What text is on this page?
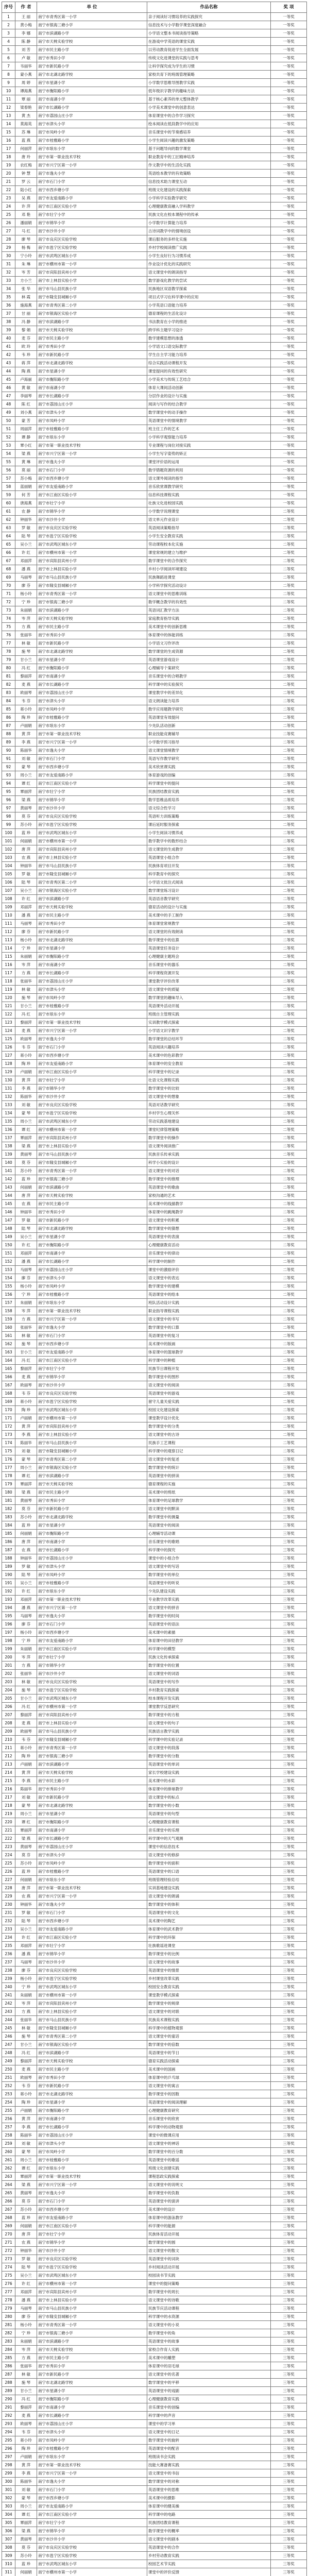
序号	作 者	单 位	作品名称	奖 项
1	王 丽	南宁市青秀区第一小学	亲子阅读好习惯培养的实践探究	一等奖
2	黄小梅	南宁市银海三塘小学	信息技术与小学数学课堂深度融合	一等奖
3	李 娜	南宁市滨湖路小学	小学语文整本书阅读指导策略	一等奖
4	陈 静	南宁市天桃实验学校	在游戏中学英语的课堂实践	一等奖
5	刘 芳	南宁市民主路小学	以劳动教育促进学生全面发展	一等奖
6	卢 敏	南宁市秀田小学	传统文化进课堂的实践与思考	一等奖
7	韦丽华	南宁市新民路小学	让科学探究成为学生的习惯	一等奖
8	蒙小燕	南宁市北湖北路学校	家校共育下的班级管理策略	一等奖
9	周 婷	南宁市星湖小学	小学数学思维导图教学实践	一等奖
10	谭海燕	南宁市衡阳路小学	低年级识字教学的趣味方法	一等奖
11	覃 丽	南宁市南湖小学	基于核心素养的单元整体教学	一等奖
12	梁春艳	南宁市长湖路小学	小学美术课堂中的创意表达	一等奖
13	黄 杰	南宁市荔园山庄小学	体育课堂中的合作学习探究	一等奖
14	莫海英	南宁市津头小学	绘本阅读在低段教学中的应用	一等奖
15	苏 琳	南宁市凤岭小学	音乐课堂中的节奏感培养	一等奖
16	蓝 燕	南宁市桂雅路小学	小学生阅读兴趣的激发策略	一等奖
17	何丽萍	南宁市埌东小学	基于问题导向的数学课堂	一等奖
18	唐 玲	南宁市第一职业技术学校	职业教育中的工匠精神培养	一等奖
19	农红梅	南宁市兴宁区第一小学	作文教学中的生活化实践	一等奖
20	钟 慧	南宁市逸夫小学	英语绘本教学的有效策略	一等奖
21	罗 云	南宁市石门小学	信息技术助力课堂互动	一等奖
22	陆小红	南宁市西乡塘小学	班级文化建设的实践探索	一等奖
23	吴 燕	南宁市友爱南路小学	小学科学实验教学研究	一等奖
24	许 萍	南宁市江南区实验小学	心理健康教育融入学科教学	一等奖
25	邓 艳	南宁市壮宁小学	民族文化在校本课程中的传承	一等奖
26	潘丽娟	南宁市锦华小学	小学数学计算能力培养	一等奖
27	马 红	南宁市沙井小学	古诗词教学中的情境创设	一等奖
28	廖 琴	南宁市良庆区实验学校	课后服务的多样化实施	一等奖
29	杨 梅	南宁市邕宁区实验学校	乡村学校阅读推广实践	一等奖
30	宁小玲	南宁市武鸣区城东小学	小学生良好行为习惯养成	一等奖
31	朱 琳	南宁市横州市第一小学	作业设计优化的实践研究	一等奖
32	岑 芳	南宁市宾阳县宾州小学	语文课堂中的朗读指导	一等奖
33	方小兰	南宁市上林县实验小学	数学游戏化教学的尝试	一等奖
34	张 华	南宁市马山县民族小学	民族地区双语教学探索	一等奖
35	林 霞	南宁市隆安县城厢小学	项目式学习在科学课中的应用	一等奖
36	施海燕	南宁市青秀区第二小学	小学英语口语能力培养	一等奖
37	甘 丽	南宁市银海区实验小学	德育课程的生活化设计	一等奖
38	冯 静	南宁市滨湖路小学	书法教育在小学的推进	一等奖
39	黎 娟	南宁市天桃实验学校	跨学科主题学习设计	一等奖
40	麦 芬	南宁市民主路小学	数学建模思想的渗透	一等奖
41	欧 玲	南宁市秀田小学	小学语文口语交际教学	一等奖
42	韦 珍	南宁市新民路小学	学生自主学习能力培养	一等奖
43	蒋 萍	南宁市北湖北路学校	综合实践活动课程开发	一等奖
44	陶 燕	南宁市星湖小学	课堂提问的有效性研究	一等奖
45	卢海丽	南宁市衡阳路小学	小学美术与传统工艺结合	一等奖
46	黄 敏	南宁市南湖小学	体育大课间活动创新	一等奖
47	李丽琴	南宁市长湖路小学	分层作业的设计与实施	一等奖
48	陈 红	南宁市荔园山庄小学	阅读与写作的结合教学	一等奖
49	刘小燕	南宁市津头小学	数学课堂中的动手操作	一等奖
50	蒙 芳	南宁市凤岭小学	英语课堂中的情境教学	一等奖
51	周丽萍	南宁市桂雅路小学	班主任工作的艺术	一等奖
52	谭 静	南宁市埌东小学	小学科学观察能力培养	一等奖
53	覃小红	南宁市第一职业技术学校	专业课程与岗位对接实践	一等奖
54	梁 燕	南宁市兴宁区第一小学	小学生写字姿势的矫正	一等奖
55	黄 琳	南宁市逸夫小学	课堂评价语的运用	一等奖
56	莫 丽	南宁市石门小学	数学错题资源的利用	一等奖
57	苏小梅	南宁市西乡塘小学	语文课外阅读的指导	一等奖
58	蓝丽娟	南宁市友爱南路小学	音乐欣赏课教学研究	一等奖
59	何 芳	南宁市江南区实验小学	信息科技课程实践	一等奖
60	唐海燕	南宁市壮宁小学	壮族文化进校园实践	一等奖
61	农 静	南宁市锦华小学	小学数学说理课堂	二等奖
62	钟丽华	南宁市沙井小学	语文单元作业设计	二等奖
63	罗 敏	南宁市良庆区实验学校	英语阅读策略指导	二等奖
64	陆 琴	南宁市邕宁区实验学校	小学生安全教育实践	二等奖
65	吴小兰	南宁市武鸣区城东小学	劳动课程校本化实施	二等奖
66	许 红	南宁市横州市第一小学	课堂常规的建立与维护	二等奖
67	邓丽萍	南宁市宾阳县宾州小学	数学课堂中的合作探究	二等奖
68	潘 燕	南宁市上林县实验小学	乡村小学阅读环境建设	二等奖
69	马丽琴	南宁市马山县民族小学	民族舞蹈进课堂	二等奖
70	廖 芬	南宁市隆安县城厢小学	小学科学探究活动设计	二等奖
71	杨小玲	南宁市青秀区第一小学	语文课堂中的思维训练	二等奖
72	宁 珍	南宁市银海三塘小学	数学概念教学的有效性	二等奖
73	朱丽娟	南宁市滨湖路小学	英语词汇教学方法	二等奖
74	岑 萍	南宁市天桃实验学校	家庭教育指导实践	二等奖
75	方 燕	南宁市民主路小学	美术课堂中的创新思维	二等奖
76	张丽华	南宁市秀田小学	体育课中的体能训练	二等奖
77	林 敏	南宁市新民路小学	小学语文习作评改	二等奖
78	施 琴	南宁市北湖北路学校	数学课堂的生成资源	二等奖
79	甘小兰	南宁市星湖小学	英语课堂游戏设计	二等奖
80	冯 红	南宁市衡阳路小学	心理辅导个案研究	二等奖
81	黎丽萍	南宁市南湖小学	音乐课堂中的合唱教学	二等奖
82	麦 燕	南宁市长湖路小学	科学课中的实验探究	二等奖
83	欧丽琴	南宁市荔园山庄小学	课堂教学中的差异化	二等奖
84	韦 芬	南宁市津头小学	语文朗读能力培养	二等奖
85	蒋小玲	南宁市凤岭小学	数学应用题教学研究	二等奖
86	陶 珍	南宁市桂雅路小学	英语课堂有效提问	二等奖
87	卢丽娟	南宁市埌东小学	少先队活动创新	二等奖
88	黄 萍	南宁市第一职业技术学校	职业技能竞赛辅导	二等奖
89	李 燕	南宁市兴宁区第一小学	小学数学预习指导	二等奖
90	陈丽华	南宁市逸夫小学	语文课堂情境教学	二等奖
91	刘 敏	南宁市石门小学	英语写作教学研究	二等奖
92	蒙 琴	南宁市西乡塘小学	美术欣赏课实践	二等奖
93	周小兰	南宁市友爱南路小学	体育游戏的创编	二等奖
94	谭 红	南宁市江南区实验小学	科学课堂中的提问	二等奖
95	覃丽萍	南宁市壮宁小学	民族团结教育实践	二等奖
96	梁 燕	南宁市锦华小学	数学思维品质培养	二等奖
97	黄丽琴	南宁市沙井小学	语文综合性学习	二等奖
98	莫 芬	南宁市良庆区实验学校	英语听力训练策略	二等奖
99	苏小玲	南宁市邕宁区实验学校	课后延时服务探索	二等奖
100	蓝 珍	南宁市武鸣区城东小学	小学生阅读习惯养成	二等奖
101	何丽娟	南宁市横州市第一小学	数学教学中的数形结合	二等奖
102	唐 萍	南宁市宾阳县宾州小学	语文课堂的生成教学	二等奖
103	农 燕	南宁市上林县实验小学	英语课堂小组合作	二等奖
104	钟丽华	南宁市马山县民族小学	民族体育项目开发	二等奖
105	罗 敏	南宁市隆安县城厢小学	科学教育中的探究	二等奖
106	陆 琴	南宁市青秀区第二小学	小学语文批注式阅读	二等奖
107	吴小兰	南宁市银海区实验小学	数学课堂练习设计	二等奖
108	许 红	南宁市滨湖路小学	英语语音教学研究	二等奖
109	邓丽萍	南宁市天桃实验学校	德育活动的设计与实施	二等奖
110	潘 燕	南宁市民主路小学	美术课中的手工制作	二等奖
111	马丽琴	南宁市秀田小学	体育课堂常规教学	二等奖
112	廖 芬	南宁市新民路小学	语文课堂的有效朗读	二等奖
113	杨小玲	南宁市北湖北路学校	数学课堂中的估算	二等奖
114	宁 珍	南宁市星湖小学	英语课堂任务设计	二等奖
115	朱丽娟	南宁市衡阳路小学	心理健康主题班会	二等奖
116	岑 萍	南宁市南湖小学	音乐课堂中的器乐	二等奖
117	方 燕	南宁市长湖路小学	科学课程资源开发	二等奖
118	张丽华	南宁市荔园山庄小学	课堂教学评价改革	二等奖
119	林 敏	南宁市津头小学	语文课堂中的质疑	二等奖
120	施 琴	南宁市凤岭小学	数学课堂的趣味导入	二等奖
121	甘小兰	南宁市桂雅路小学	英语课外活动开展	二等奖
122	冯 红	南宁市埌东小学	班级自主管理实践	二等奖
123	黎丽萍	南宁市第一职业技术学校	实训教学模式探索	二等奖
124	麦 燕	南宁市兴宁区第一小学	小学语文识字教学	二等奖
125	欧丽琴	南宁市逸夫小学	数学课堂的总结环节	二等奖
126	韦 芬	南宁市石门小学	英语阅读兴趣培养	二等奖
127	蒋小玲	南宁市西乡塘小学	美术课中的色彩教学	二等奖
128	陶 珍	南宁市友爱南路小学	体育课中的安全教育	二等奖
129	卢丽娟	南宁市江南区实验小学	科学课堂中的记录	二等奖
130	黄 萍	南宁市壮宁小学	壮语文化课程实践	二等奖
131	李 燕	南宁市锦华小学	数学课堂中的比较	二等奖
132	陈丽华	南宁市沙井小学	语文课堂中的想象	二等奖
133	刘 敏	南宁市良庆区实验学校	英语对话教学研究	二等奖
134	蒙 琴	南宁市邕宁区实验学校	乡村学生心理关怀	二等奖
135	周小兰	南宁市武鸣区城东小学	劳动实践基地建设	二等奖
136	谭 红	南宁市横州市第一小学	课堂纪律管理策略	二等奖
137	覃丽萍	南宁市宾阳县宾州小学	数学课堂中的操作	二等奖
138	梁 燕	南宁市上林县实验小学	语文课外阅读推广	二等奖
139	黄丽琴	南宁市马山县民族小学	民族音乐传承实践	二等奖
140	莫 芬	南宁市隆安县城厢小学	科学小实验的设计	二等奖
141	苏小玲	南宁市青秀区第一小学	语文课堂中的对话	二等奖
142	蓝 珍	南宁市银海三塘小学	数学课堂中的推理	二等奖
143	何丽娟	南宁市滨湖路小学	英语课堂中的歌曲	二等奖
144	唐 萍	南宁市天桃实验学校	家校沟通的艺术	二等奖
145	农 燕	南宁市民主路小学	美术课中的线描教学	二等奖
146	钟丽华	南宁市秀田小学	体育课中的跳绳教学	二等奖
147	罗 敏	南宁市新民路小学	语文课堂中的积累	二等奖
148	陆 琴	南宁市北湖北路学校	数学课堂中的猜想	二等奖
149	吴小兰	南宁市星湖小学	英语课堂中的表演	二等奖
150	许 红	南宁市衡阳路小学	心理健康教育活动	二等奖
151	邓丽萍	南宁市南湖小学	音乐课堂中的律动	二等奖
152	潘 燕	南宁市长湖路小学	科学课中的制作	二等奖
153	马丽琴	南宁市荔园山庄小学	课堂中的激励评价	二等奖
154	廖 芬	南宁市津头小学	语文课堂中的表达	二等奖
155	杨小玲	南宁市凤岭小学	数学课堂中的建模	二等奖
156	宁 珍	南宁市桂雅路小学	英语课堂中的绘本	二等奖
157	朱丽娟	南宁市埌东小学	班队活动设计实践	二等奖
158	岑 萍	南宁市第一职业技术学校	职业指导课程实践	二等奖
159	方 燕	南宁市兴宁区第一小学	语文课堂中的书写	二等奖
160	张丽华	南宁市逸夫小学	数学课堂中的口算	二等奖
161	林 敏	南宁市石门小学	英语课堂中的复习	二等奖
162	施 琴	南宁市西乡塘小学	美术课中的版画	二等奖
163	甘小兰	南宁市友爱南路小学	体育课中的篮球教学	二等奖
164	冯 红	南宁市江南区实验小学	科学课中的种植	二等奖
165	黎丽萍	南宁市壮宁小学	民族节日课程开发	二等奖
166	麦 燕	南宁市锦华小学	数学课堂中的图形	二等奖
167	欧丽琴	南宁市沙井小学	语文课堂中的阅读	二等奖
168	韦 芬	南宁市良庆区实验学校	英语课堂中的游戏	二等奖
169	蒋小玲	南宁市邕宁区实验学校	留守儿童关爱实践	二等奖
170	陶 珍	南宁市武鸣区城东小学	校园文化建设探索	二等奖
171	卢丽娟	南宁市横州市第一小学	课堂教学设计优化	二等奖
172	黄 萍	南宁市宾阳县宾州小学	数学课堂中的分类	二等奖
173	李 燕	南宁市上林县实验小学	语文课堂中的古诗	二等奖
174	陈丽华	南宁市马山县民族小学	民族手工艺课程	二等奖
175	刘 敏	南宁市隆安县城厢小学	科学课中的观察日记	二等奖
176	蒙 琴	南宁市青秀区第二小学	语文课堂中的复述	三等奖
177	周小兰	南宁市银海区实验小学	数学课堂中的统计	三等奖
178	谭 红	南宁市滨湖路小学	英语课堂中的拼读	三等奖
179	覃丽萍	南宁市天桃实验学校	德育课程的实施	三等奖
180	梁 燕	南宁市民主路小学	美术课中的剪纸	三等奖
181	黄丽琴	南宁市秀田小学	体育课中的足球教学	三等奖
182	莫 芬	南宁市新民路小学	语文课堂中的默读	三等奖
183	苏小玲	南宁市北湖北路学校	数学课堂中的测量	三等奖
184	蓝 珍	南宁市星湖小学	英语课堂中的阅读	三等奖
185	何丽娟	南宁市衡阳路小学	心理辅导活动课	三等奖
186	唐 萍	南宁市南湖小学	音乐课堂中的歌唱	三等奖
187	农 燕	南宁市长湖路小学	科学课中的探究	三等奖
188	钟丽华	南宁市荔园山庄小学	课堂中的小组合作	三等奖
189	罗 敏	南宁市津头小学	语文课堂中的写话	三等奖
190	陆 琴	南宁市凤岭小学	数学课堂中的单位	三等奖
191	吴小兰	南宁市桂雅路小学	英语课堂中的听说	三等奖
192	许 红	南宁市埌东小学	少先队建设实践	三等奖
193	邓丽萍	南宁市第一职业技术学校	专业教学改革实践	三等奖
194	潘 燕	南宁市兴宁区第一小学	语文课堂中的拼音	三等奖
195	马丽琴	南宁市逸夫小学	数学课堂中的时间	三等奖
196	廖 芬	南宁市石门小学	英语课堂中的语法	三等奖
197	杨小玲	南宁市西乡塘小学	美术课中的素描	三等奖
198	宁 珍	南宁市友爱南路小学	体育课中的田径教学	三等奖
199	朱丽娟	南宁市江南区实验小学	科学课中的模型	三等奖
200	岑 萍	南宁市壮宁小学	民族文化传承探索	三等奖
201	方 燕	南宁市锦华小学	数学课堂中的位置	三等奖
202	张丽华	南宁市沙井小学	语文课堂中的词语	三等奖
203	林 敏	南宁市良庆区实验学校	英语课堂中的写作	三等奖
204	施 琴	南宁市邕宁区实验学校	乡村教育实践探索	三等奖
205	甘小兰	南宁市武鸣区城东小学	校本课程开发实践	三等奖
206	冯 红	南宁市横州市第一小学	课堂教学反思研究	三等奖
207	黎丽萍	南宁市宾阳县宾州小学	数学课堂中的方程	三等奖
208	麦 燕	南宁市上林县实验小学	语文课堂中的句子	三等奖
209	欧丽琴	南宁市马山县民族小学	民族语言教学实践	三等奖
210	韦 芬	南宁市隆安县城厢小学	科学课中的实验记录	三等奖
211	蒋小玲	南宁市青秀区第一小学	语文课堂中的段落	三等奖
212	陶 珍	南宁市银海三塘小学	数学课堂中的分数	三等奖
213	卢丽娟	南宁市滨湖路小学	英语课堂中的单词	三等奖
214	黄 萍	南宁市天桃实验学校	家长学校建设实践	三等奖
215	李 燕	南宁市民主路小学	美术课中的水彩	三等奖
216	陈丽华	南宁市秀田小学	体育课中的排球教学	三等奖
217	刘 敏	南宁市新民路小学	语文课堂中的标点	三等奖
218	蒙 琴	南宁市北湖北路学校	数学课堂中的小数	三等奖
219	周小兰	南宁市星湖小学	英语课堂中的句型	三等奖
220	谭 红	南宁市衡阳路小学	心理健康教育课程	三等奖
221	覃丽萍	南宁市南湖小学	音乐课堂中的乐理	三等奖
222	梁 燕	南宁市长湖路小学	科学课中的天气观测	三等奖
223	黄丽琴	南宁市荔园山庄小学	课堂中的信息技术	三等奖
224	莫 芬	南宁市津头小学	语文课堂中的修辞	三等奖
225	苏小玲	南宁市凤岭小学	数学课堂中的面积	三等奖
226	蓝 珍	南宁市桂雅路小学	英语课堂中的口语	三等奖
227	何丽娟	南宁市埌东小学	班级管理经验总结	三等奖
228	唐 萍	南宁市第一职业技术学校	实训基地建设实践	三等奖
229	农 燕	南宁市兴宁区第一小学	语文课堂中的朗诵	三等奖
230	钟丽华	南宁市逸夫小学	数学课堂中的体积	三等奖
231	罗 敏	南宁市石门小学	英语课堂中的文化	三等奖
232	陆 琴	南宁市西乡塘小学	美术课中的陶艺	三等奖
233	吴小兰	南宁市友爱南路小学	体育课中的武术教学	三等奖
234	许 红	南宁市江南区实验小学	科学课中的环保	三等奖
235	邓丽萍	南宁市壮宁小学	壮族歌谣进课堂	三等奖
236	潘 燕	南宁市锦华小学	数学课堂中的比例	三等奖
237	马丽琴	南宁市沙井小学	语文课堂中的故事	三等奖
238	廖 芬	南宁市良庆区实验学校	英语课堂中的情景	三等奖
239	杨小玲	南宁市邕宁区实验学校	乡村课堂改革实践	三等奖
240	宁 珍	南宁市武鸣区城东小学	校园安全教育实践	三等奖
241	朱丽娟	南宁市横州市第一小学	课堂教学模式探索	三等奖
242	岑 萍	南宁市宾阳县宾州小学	数学课堂中的规律	三等奖
243	方 燕	南宁市上林县实验小学	语文课堂中的对联	三等奖
244	张丽华	南宁市马山县民族小学	民族美术课程实践	三等奖
245	林 敏	南宁市隆安县城厢小学	科学课中的植物观察	三等奖
246	施 琴	南宁市青秀区第二小学	语文课堂中的童话	三等奖
247	甘小兰	南宁市银海区实验小学	数学课堂中的倍数	三等奖
248	冯 红	南宁市滨湖路小学	英语课堂中的节日	三等奖
249	黎丽萍	南宁市天桃实验学校	德育实践活动探索	三等奖
250	麦 燕	南宁市民主路小学	美术课中的国画	三等奖
251	欧丽琴	南宁市秀田小学	体育课中的乒乓球	三等奖
252	韦 芬	南宁市新民路小学	语文课堂中的寓言	三等奖
253	蒋小玲	南宁市北湖北路学校	数学课堂中的因数	三等奖
254	陶 珍	南宁市星湖小学	英语课堂中的阅读理解	三等奖
255	卢丽娟	南宁市衡阳路小学	心理健康教育研究	三等奖
256	黄 萍	南宁市南湖小学	音乐课堂中的欣赏	三等奖
257	李 燕	南宁市长湖路小学	科学课中的动物观察	三等奖
258	陈丽华	南宁市荔园山庄小学	课堂中的微课应用	三等奖
259	刘 敏	南宁市津头小学	语文课堂中的神话	三等奖
260	蒙 琴	南宁市凤岭小学	数学课堂中的百分数	三等奖
261	周小兰	南宁市桂雅路小学	英语课堂中的歌谣	三等奖
262	谭 红	南宁市埌东小学	班级文化创建实践	三等奖
263	覃丽萍	南宁市第一职业技术学校	课程思政实践探索	三等奖
264	梁 燕	南宁市兴宁区第一小学	语文课堂中的说明文	三等奖
265	黄丽琴	南宁市逸夫小学	数学课堂中的负数	三等奖
266	莫 芬	南宁市石门小学	英语课堂中的演讲	三等奖
267	苏小玲	南宁市西乡塘小学	美术课中的设计	三等奖
268	蓝 珍	南宁市友爱南路小学	体育课中的游泳教学	三等奖
269	何丽娟	南宁市江南区实验小学	科学课中的能源	三等奖
270	唐 萍	南宁市壮宁小学	民族体育活动开展	三等奖
271	农 燕	南宁市锦华小学	数学课堂中的圆	三等奖
272	钟丽华	南宁市沙井小学	语文课堂中的散文	三等奖
273	罗 敏	南宁市良庆区实验学校	英语课堂中的词块	三等奖
274	陆 琴	南宁市邕宁区实验学校	乡村阅读活动开展	三等奖
275	吴小兰	南宁市武鸣区城东小学	校园读书节实践	三等奖
276	许 红	南宁市横州市第一小学	课堂中的提问策略	三等奖
277	邓丽萍	南宁市宾阳县宾州小学	数学课堂中的周长	三等奖
278	潘 燕	南宁市上林县实验小学	语文课堂中的诗歌	三等奖
279	马丽琴	南宁市马山县民族小学	民族节庆活动课程	三等奖
280	廖 芬	南宁市隆安县城厢小学	科学课中的水资源	三等奖
281	杨小玲	南宁市青秀区第一小学	语文课堂中的小说	三等奖
282	宁 珍	南宁市银海三塘小学	数学课堂中的角	三等奖
283	朱丽娟	南宁市滨湖路小学	英语课堂中的故事	三等奖
284	岑 萍	南宁市天桃实验学校	家校合作育人实践	三等奖
285	方 燕	南宁市民主路小学	美术课中的雕塑	三等奖
286	张丽华	南宁市秀田小学	体育课中的羽毛球	三等奖
287	林 敏	南宁市新民路小学	语文课堂中的名著	三等奖
288	施 琴	南宁市北湖北路学校	数学课堂中的平移	三等奖
289	甘小兰	南宁市星湖小学	英语课堂中的戏剧	三等奖
290	冯 红	南宁市衡阳路小学	心理健康教育实践	三等奖
291	黎丽萍	南宁市南湖小学	音乐课堂中的创编	三等奖
292	麦 燕	南宁市长湖路小学	科学课中的声音	三等奖
293	欧丽琴	南宁市荔园山庄小学	课堂中的学习单	三等奖
294	韦 芬	南宁市津头小学	语文课堂中的日记	三等奖
295	蒋小玲	南宁市凤岭小学	数学课堂中的旋转	三等奖
296	陶 珍	南宁市桂雅路小学	英语课堂中的配音	三等奖
297	卢丽娟	南宁市埌东小学	班级读书会实践	三等奖
298	黄 萍	南宁市第一职业技术学校	技能大赛备赛实践	三等奖
299	李 燕	南宁市兴宁区第一小学	语文课堂中的书信	三等奖
300	陈丽华	南宁市逸夫小学	数学课堂中的对称	三等奖
301	刘 敏	南宁市石门小学	英语课堂中的思维	三等奖
302	蒙 琴	南宁市西乡塘小学	美术课中的摄影	三等奖
303	周小兰	南宁市友爱南路小学	体育课中的健美操	三等奖
304	谭 红	南宁市江南区实验小学	科学课中的电路	三等奖
305	覃丽萍	南宁市壮宁小学	民族团结教育课程	三等奖
306	梁 燕	南宁市锦华小学	数学课堂中的概率	三等奖
307	黄丽琴	南宁市沙井小学	语文课堂中的剧本	三等奖
308	莫 芬	南宁市良庆区实验学校	英语课堂中的合作	三等奖
309	苏小玲	南宁市邕宁区实验学校	乡村劳动教育实践	三等奖
310	蓝 珍	南宁市武鸣区城东小学	校园艺术节实践	三等奖
311	何丽娟	南宁市横州市第一小学	课堂中的评价反馈	三等奖
